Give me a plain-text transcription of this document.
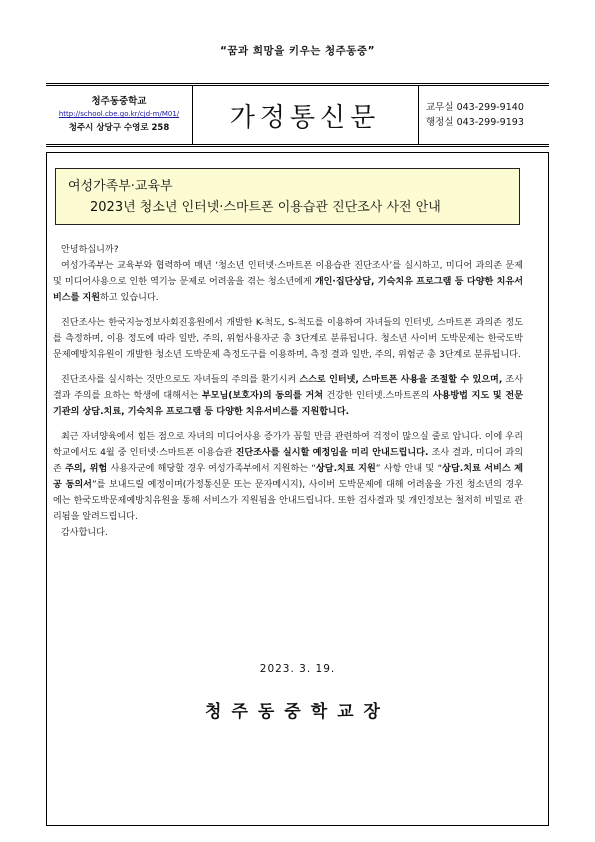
“꿈과 희망을 키우는 청주동중”
청주동중학교
http://school.cbe.go.kr/cjd-m/M01/
청주시 상당구 수영로 258	가정통신문	교무실 043-299-9140
행정실 043-299-9193
여성가족부·교육부
2023년 청소년 인터넷·스마트폰 이용습관 진단조사 사전 안내

안녕하십니까?

여성가족부는 교육부와 협력하여 매년 ‘청소년 인터넷·스마트폰 이용습관 진단조사’를 실시하고, 미디어 과의존 문제 및 미디어사용으로 인한 역기능 문제로 어려움을 겪는 청소년에게 개인·집단상담, 기숙치유 프로그램 등 다양한 치유서비스를 지원하고 있습니다.

진단조사는 한국지능정보사회진흥원에서 개발한 K-척도, S-척도를 이용하여 자녀들의 인터넷, 스마트폰 과의존 정도를 측정하며, 이용 정도에 따라 일반, 주의, 위험사용자군 총 3단계로 분류됩니다. 청소년 사이버 도박문제는 한국도박문제예방치유원이 개발한 청소년 도박문제 측정도구를 이용하며, 측정 결과 일반, 주의, 위험군 총 3단계로 분류됩니다.

진단조사를 실시하는 것만으로도 자녀들의 주의를 환기시켜 스스로 인터넷, 스마트폰 사용을 조절할 수 있으며, 조사결과 주의를 요하는 학생에 대해서는 부모님(보호자)의 동의를 거쳐 건강한 인터넷.스마트폰의 사용방법 지도 및 전문기관의 상담.치료, 기숙치유 프로그램 등 다양한 치유서비스를 지원합니다.

최근 자녀양육에서 힘든 점으로 자녀의 미디어사용 증가가 꼽힐 만큼 관련하여 걱정이 많으실 줄로 압니다. 이에 우리 학교에서도 4월 중 인터넷·스마트폰 이용습관 진단조사를 실시할 예정임을 미리 안내드립니다. 조사 결과, 미디어 과의존 주의, 위험 사용자군에 해당할 경우 여성가족부에서 지원하는 “상담.치료 지원” 사항 안내 및 “상담.치료 서비스 제공 동의서”를 보내드릴 예정이며(가정통신문 또는 문자메시지), 사이버 도박문제에 대해 어려움을 가진 청소년의 경우에는 한국도박문제예방치유원을 통해 서비스가 지원됨을 안내드립니다. 또한 검사결과 및 개인정보는 철저히 비밀로 관리됨을 알려드립니다.

감사합니다.

2023. 3. 19.
청주동중학교장
